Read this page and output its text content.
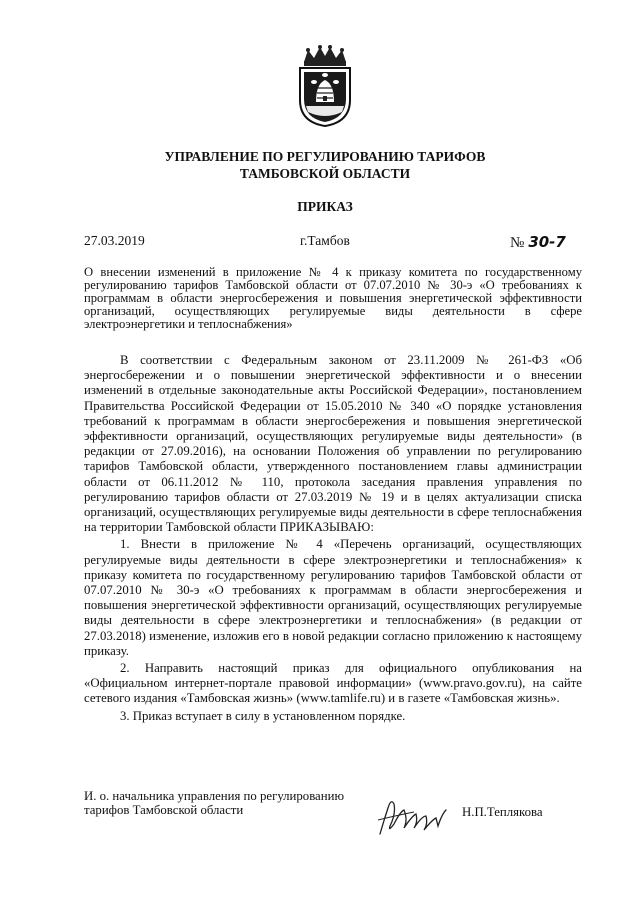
УПРАВЛЕНИЕ ПО РЕГУЛИРОВАНИЮ ТАРИФОВ
ТАМБОВСКОЙ ОБЛАСТИ
ПРИКАЗ
27.03.2019	г.Тамбов	№ 30-7
О внесении изменений в приложение № 4 к приказу комитета по государственному регулированию тарифов Тамбовской области от 07.07.2010 № 30-э «О требованиях к программам в области энергосбережения и повышения энергетической эффективности организаций, осуществляющих регулируемые виды деятельности в сфере электроэнергетики и теплоснабжения»

В соответствии с Федеральным законом от 23.11.2009 № 261-ФЗ «Об энергосбережении и о повышении энергетической эффективности и о внесении изменений в отдельные законодательные акты Российской Федерации», постановлением Правительства Российской Федерации от 15.05.2010 № 340 «О порядке установления требований к программам в области энергосбережения и повышения энергетической эффективности организаций, осуществляющих регулируемые виды деятельности» (в редакции от 27.09.2016), на основании Положения об управлении по регулированию тарифов Тамбовской области, утвержденного постановлением главы администрации области от 06.11.2012 № 110, протокола заседания правления управления по регулированию тарифов области от 27.03.2019 № 19 и в целях актуализации списка организаций, осуществляющих регулируемые виды деятельности в сфере теплоснабжения на территории Тамбовской области ПРИКАЗЫВАЮ:

1. Внести в приложение № 4 «Перечень организаций, осуществляющих регулируемые виды деятельности в сфере электроэнергетики и теплоснабжения» к приказу комитета по государственному регулированию тарифов Тамбовской области от 07.07.2010 № 30-э «О требованиях к программам в области энергосбережения и повышения энергетической эффективности организаций, осуществляющих регулируемые виды деятельности в сфере электроэнергетики и теплоснабжения» (в редакции от 27.03.2018) изменение, изложив его в новой редакции согласно приложению к настоящему приказу.

2. Направить настоящий приказ для официального опубликования на «Официальном интернет-портале правовой информации» (www.pravo.gov.ru), на сайте сетевого издания «Тамбовская жизнь» (www.tamlife.ru) и в газете «Тамбовская жизнь».

3. Приказ вступает в силу в установленном порядке.

И. о. начальника управления по регулированию
тарифов Тамбовской области	Н.П.Теплякова
